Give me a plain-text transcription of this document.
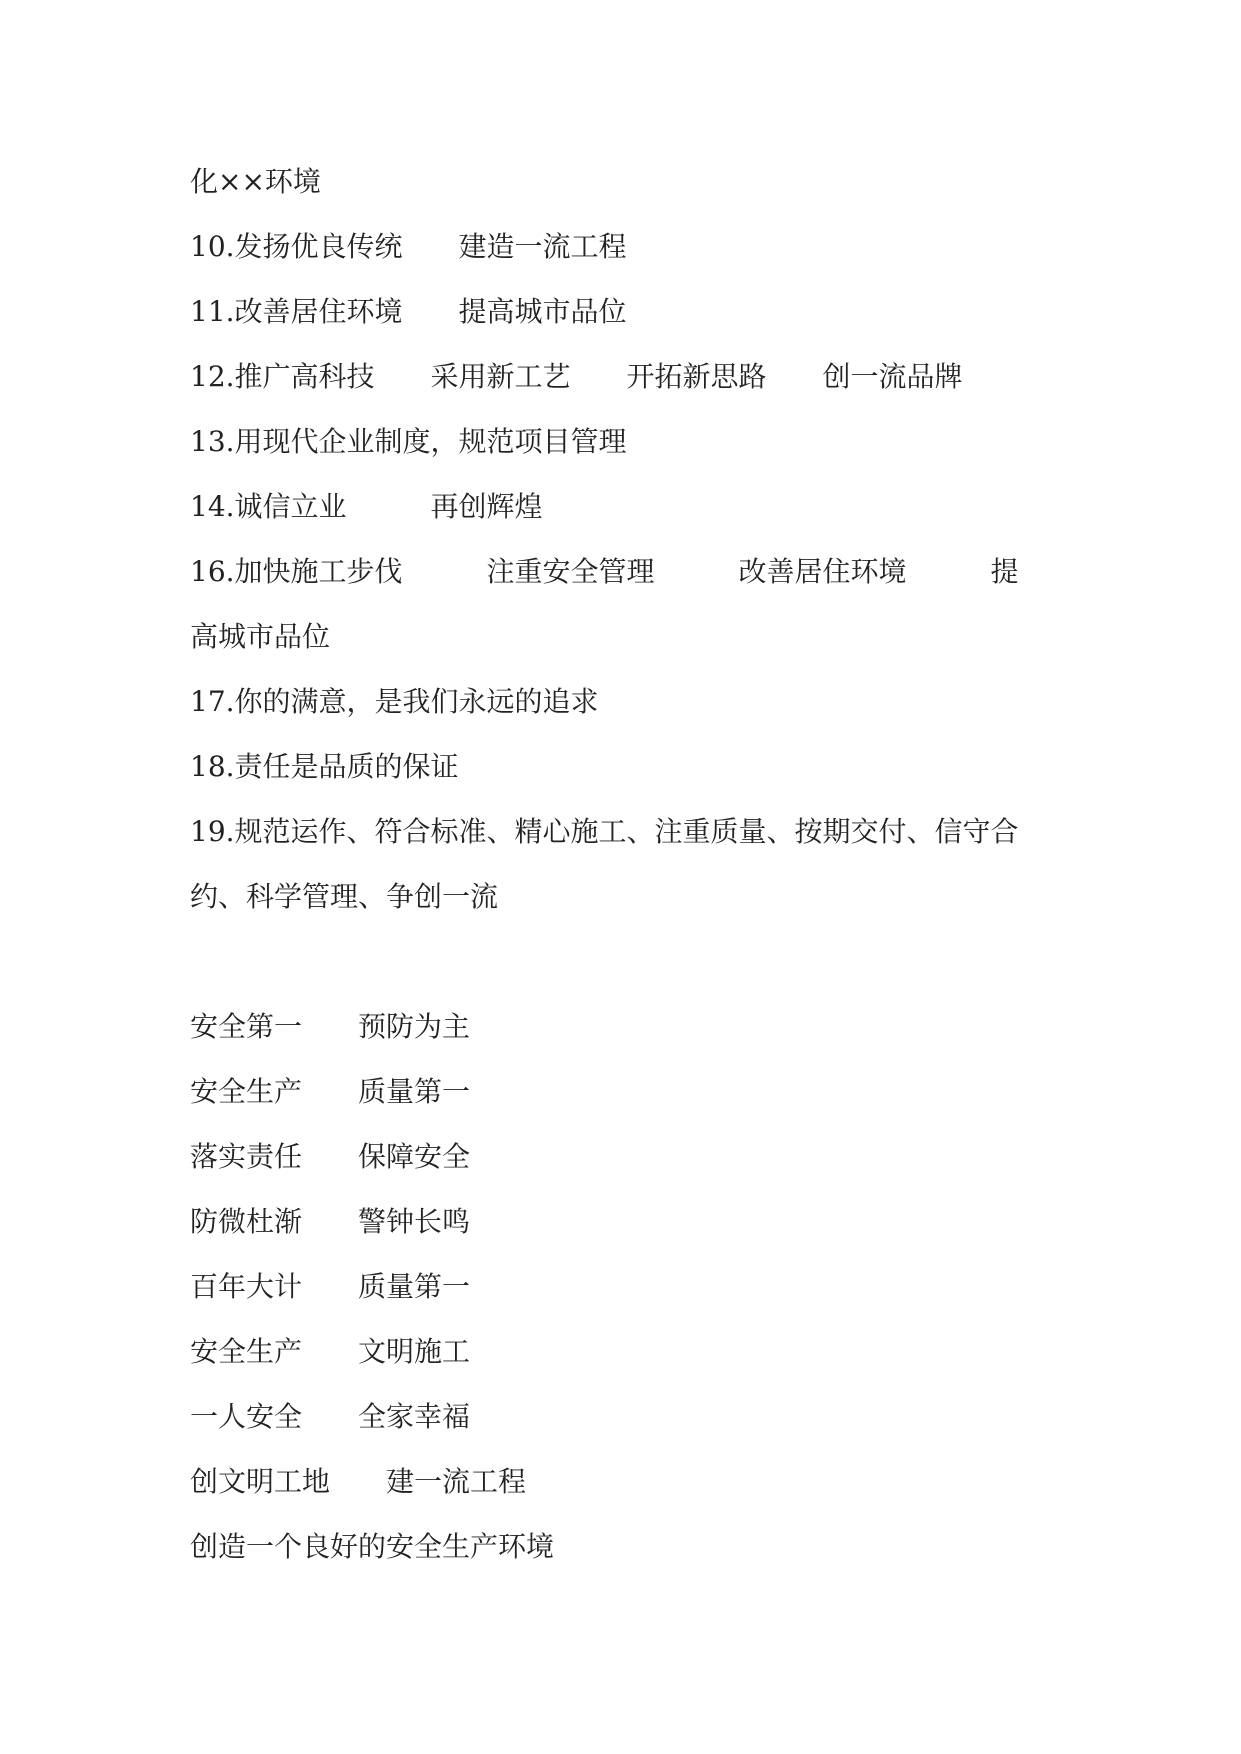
化××环境
10.发扬优良传统　　建造一流工程
11.改善居住环境　　提高城市品位
12.推广高科技　　采用新工艺　　开拓新思路　　创一流品牌
13.用现代企业制度，规范项目管理
14.诚信立业　　　再创辉煌
16.加快施工步伐　　　注重安全管理　　　改善居住环境　　　提
高城市品位
17.你的满意，是我们永远的追求
18.责任是品质的保证
19.规范运作、符合标准、精心施工、注重质量、按期交付、信守合
约、科学管理、争创一流
安全第一　　预防为主
安全生产　　质量第一
落实责任　　保障安全
防微杜渐　　警钟长鸣
百年大计　　质量第一
安全生产　　文明施工
一人安全　　全家幸福
创文明工地　　建一流工程
创造一个良好的安全生产环境
